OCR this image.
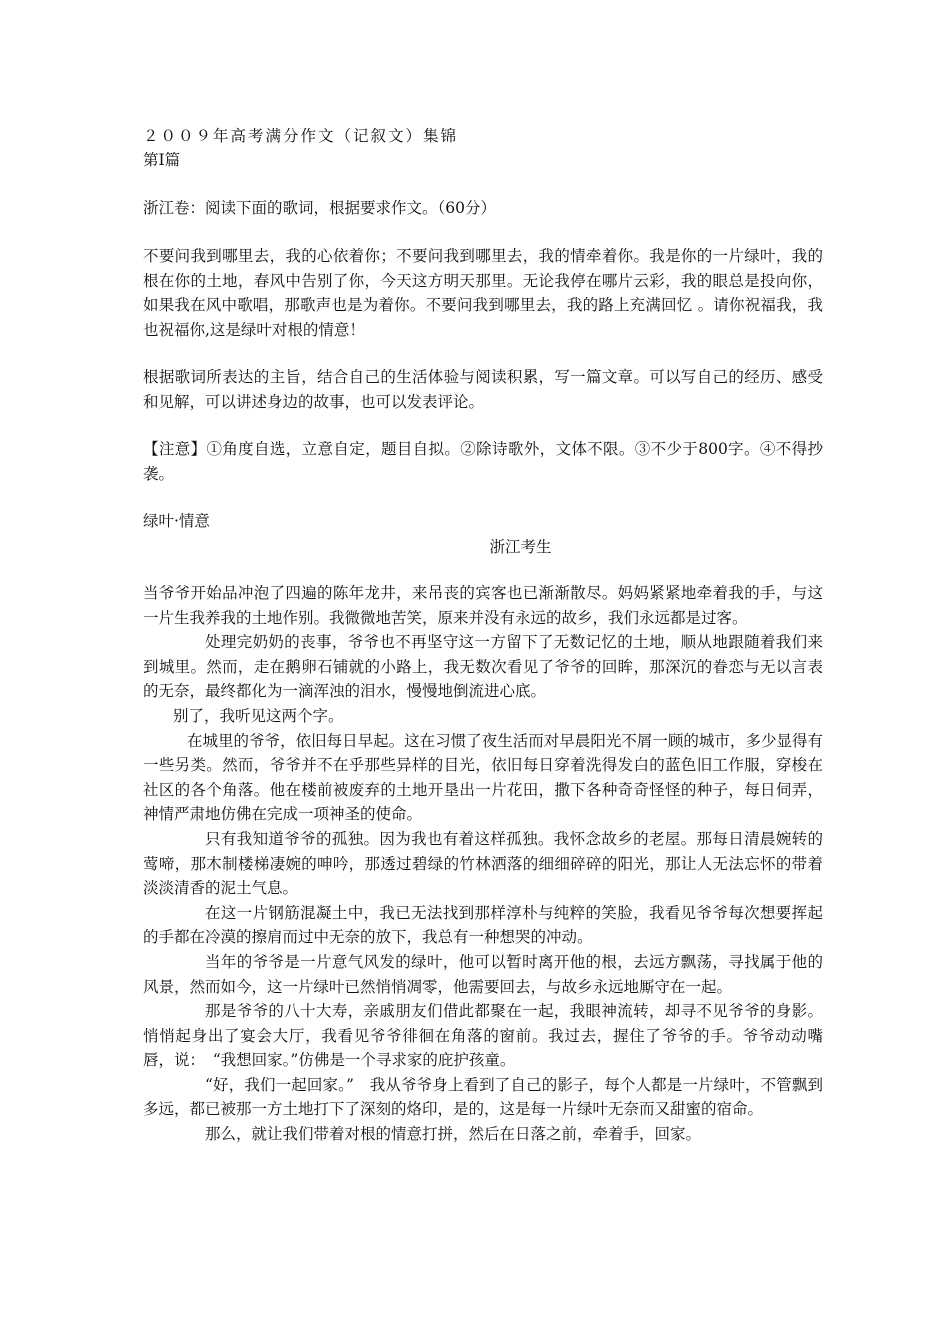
２００９年高考满分作文（记叙文）集锦

第Ⅰ篇

浙江卷：阅读下面的歌词，根据要求作文。（60分）

不要问我到哪里去，我的心依着你；不要问我到哪里去，我的情牵着你。我是你的一片绿叶，我的根在你的土地，春风中告别了你，今天这方明天那里。无论我停在哪片云彩，我的眼总是投向你，如果我在风中歌唱，那歌声也是为着你。不要问我到哪里去，我的路上充满回忆 。请你祝福我，我也祝福你,这是绿叶对根的情意！

根据歌词所表达的主旨，结合自己的生活体验与阅读积累，写一篇文章。可以写自己的经历、感受和见解，可以讲述身边的故事，也可以发表评论。

【注意】①角度自选，立意自定，题目自拟。②除诗歌外，文体不限。③不少于800字。④不得抄袭。

绿叶·情意

浙江考生

当爷爷开始品冲泡了四遍的陈年龙井，来吊丧的宾客也已渐渐散尽。妈妈紧紧地牵着我的手，与这一片生我养我的土地作别。我微微地苦笑，原来并没有永远的故乡，我们永远都是过客。

处理完奶奶的丧事，爷爷也不再坚守这一方留下了无数记忆的土地，顺从地跟随着我们来到城里。然而，走在鹅卵石铺就的小路上，我无数次看见了爷爷的回眸，那深沉的眷恋与无以言表的无奈，最终都化为一滴浑浊的泪水，慢慢地倒流进心底。

别了，我听见这两个字。

在城里的爷爷，依旧每日早起。这在习惯了夜生活而对早晨阳光不屑一顾的城市，多少显得有一些另类。然而，爷爷并不在乎那些异样的目光，依旧每日穿着洗得发白的蓝色旧工作服，穿梭在社区的各个角落。他在楼前被废弃的土地开垦出一片花田，撒下各种奇奇怪怪的种子，每日伺弄，神情严肃地仿佛在完成一项神圣的使命。

只有我知道爷爷的孤独。因为我也有着这样孤独。我怀念故乡的老屋。那每日清晨婉转的莺啼，那木制楼梯凄婉的呻吟，那透过碧绿的竹林洒落的细细碎碎的阳光，那让人无法忘怀的带着淡淡清香的泥土气息。

在这一片钢筋混凝土中，我已无法找到那样淳朴与纯粹的笑脸，我看见爷爷每次想要挥起的手都在冷漠的擦肩而过中无奈的放下，我总有一种想哭的冲动。

当年的爷爷是一片意气风发的绿叶，他可以暂时离开他的根，去远方飘荡，寻找属于他的风景，然而如今，这一片绿叶已然悄悄凋零，他需要回去，与故乡永远地厮守在一起。

那是爷爷的八十大寿，亲戚朋友们借此都聚在一起，我眼神流转，却寻不见爷爷的身影。悄悄起身出了宴会大厅，我看见爷爷徘徊在角落的窗前。我过去，握住了爷爷的手。爷爷动动嘴唇，说：　“我想回家。”仿佛是一个寻求家的庇护孩童。

“好，我们一起回家。”　我从爷爷身上看到了自己的影子，每个人都是一片绿叶，不管飘到多远，都已被那一方土地打下了深刻的烙印，是的，这是每一片绿叶无奈而又甜蜜的宿命。

那么，就让我们带着对根的情意打拼，然后在日落之前，牵着手，回家。
